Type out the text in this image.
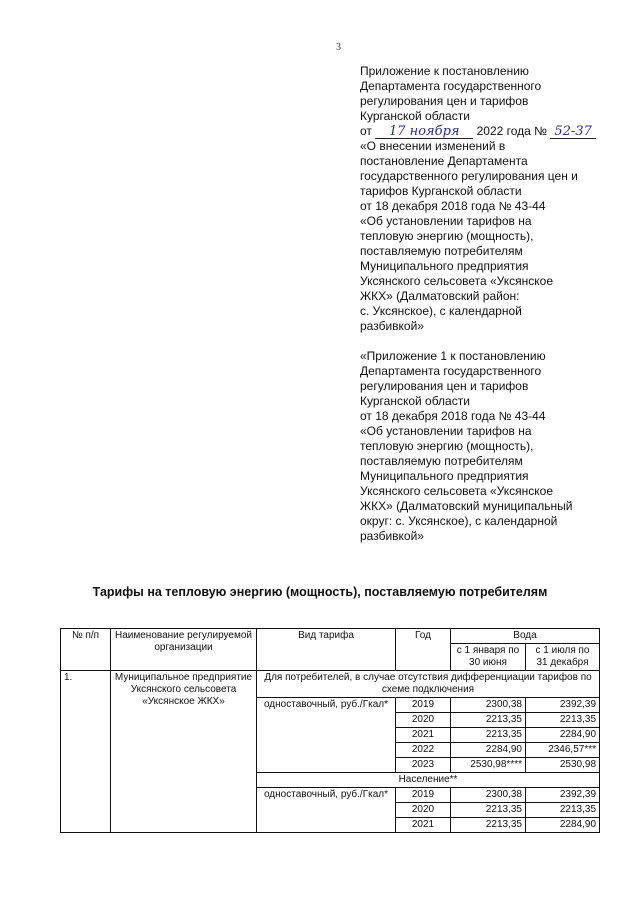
3
Приложение к постановлению
Департамента государственного
регулирования цен и тарифов
Курганской области
от 17 ноября 2022 года № 52-37
«О внесении изменений в
постановление Департамента
государственного регулирования цен и
тарифов Курганской области
от 18 декабря 2018 года № 43-44
«Об установлении тарифов на
тепловую энергию (мощность),
поставляемую потребителям
Муниципального предприятия
Уксянского сельсовета «Уксянское
ЖКХ» (Далматовский район:
с. Уксянское), с календарной
разбивкой»
«Приложение 1 к постановлению
Департамента государственного
регулирования цен и тарифов
Курганской области
от 18 декабря 2018 года № 43-44
«Об установлении тарифов на
тепловую энергию (мощность),
поставляемую потребителям
Муниципального предприятия
Уксянского сельсовета «Уксянское
ЖКХ» (Далматовский муниципальный
округ: с. Уксянское), с календарной
разбивкой»
Тарифы на тепловую энергию (мощность), поставляемую потребителям
№ п/п	Наименование регулируемой организации	Вид тарифа	Год	Вода	
				с 1 января по 30 июня	с 1 июля по 31 декабря
1.	Муниципальное предприятие Уксянского сельсовета «Уксянское ЖКХ»	Для потребителей, в случае отсутствия дифференциации тарифов по схеме подключения			
		одноставочный, руб./Гкал*	2019	2300,38	2392,39
			2020	2213,35	2213,35
			2021	2213,35	2284,90
			2022	2284,90	2346,57***
			2023	2530,98****	2530,98
		Население**			
		одноставочный, руб./Гкал*	2019	2300,38	2392,39
			2020	2213,35	2213,35
			2021	2213,35	2284,90
